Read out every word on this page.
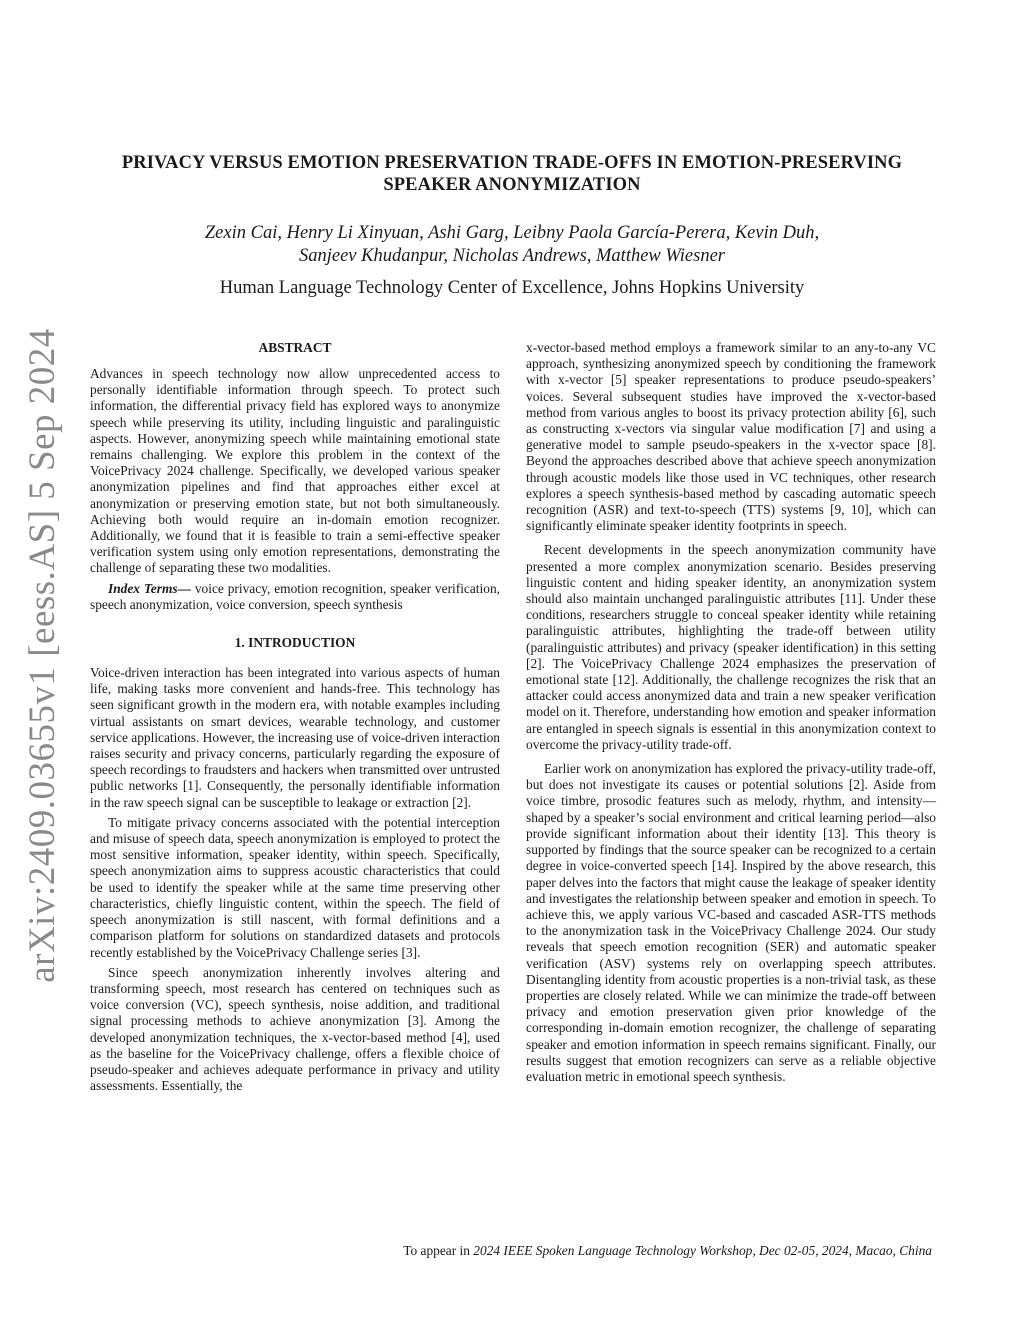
arXiv:2409.03655v1 [eess.AS] 5 Sep 2024
PRIVACY VERSUS EMOTION PRESERVATION TRADE-OFFS IN EMOTION-PRESERVING
SPEAKER ANONYMIZATION
Zexin Cai, Henry Li Xinyuan, Ashi Garg, Leibny Paola García-Perera, Kevin Duh,
Sanjeev Khudanpur, Nicholas Andrews, Matthew Wiesner
Human Language Technology Center of Excellence, Johns Hopkins University
ABSTRACT

Advances in speech technology now allow unprecedented access to personally identifiable information through speech. To protect such information, the differential privacy field has explored ways to anonymize speech while preserving its utility, including linguistic and paralinguistic aspects. However, anonymizing speech while maintaining emotional state remains challenging. We explore this problem in the context of the VoicePrivacy 2024 challenge. Specifically, we developed various speaker anonymization pipelines and find that approaches either excel at anonymization or preserving emotion state, but not both simultaneously. Achieving both would require an in-domain emotion recognizer. Additionally, we found that it is feasible to train a semi-effective speaker verification system using only emotion representations, demonstrating the challenge of separating these two modalities.

Index Terms— voice privacy, emotion recognition, speaker verification, speech anonymization, voice conversion, speech synthesis

1. INTRODUCTION

Voice-driven interaction has been integrated into various aspects of human life, making tasks more convenient and hands-free. This technology has seen significant growth in the modern era, with notable examples including virtual assistants on smart devices, wearable technology, and customer service applications. However, the increasing use of voice-driven interaction raises security and privacy concerns, particularly regarding the exposure of speech recordings to fraudsters and hackers when transmitted over untrusted public networks [1]. Consequently, the personally identifiable information in the raw speech signal can be susceptible to leakage or extraction [2].

To mitigate privacy concerns associated with the potential interception and misuse of speech data, speech anonymization is employed to protect the most sensitive information, speaker identity, within speech. Specifically, speech anonymization aims to suppress acoustic characteristics that could be used to identify the speaker while at the same time preserving other characteristics, chiefly linguistic content, within the speech. The field of speech anonymization is still nascent, with formal definitions and a comparison platform for solutions on standardized datasets and protocols recently established by the VoicePrivacy Challenge series [3].

Since speech anonymization inherently involves altering and transforming speech, most research has centered on techniques such as voice conversion (VC), speech synthesis, noise addition, and traditional signal processing methods to achieve anonymization [3]. Among the developed anonymization techniques, the x-vector-based method [4], used as the baseline for the VoicePrivacy challenge, offers a flexible choice of pseudo-speaker and achieves adequate performance in privacy and utility assessments. Essentially, the

x-vector-based method employs a framework similar to an any-to-any VC approach, synthesizing anonymized speech by conditioning the framework with x-vector [5] speaker representations to produce pseudo-speakers’ voices. Several subsequent studies have improved the x-vector-based method from various angles to boost its privacy protection ability [6], such as constructing x-vectors via singular value modification [7] and using a generative model to sample pseudo-speakers in the x-vector space [8]. Beyond the approaches described above that achieve speech anonymization through acoustic models like those used in VC techniques, other research explores a speech synthesis-based method by cascading automatic speech recognition (ASR) and text-to-speech (TTS) systems [9, 10], which can significantly eliminate speaker identity footprints in speech.

Recent developments in the speech anonymization community have presented a more complex anonymization scenario. Besides preserving linguistic content and hiding speaker identity, an anonymization system should also maintain unchanged paralinguistic attributes [11]. Under these conditions, researchers struggle to conceal speaker identity while retaining paralinguistic attributes, highlighting the trade-off between utility (paralinguistic attributes) and privacy (speaker identification) in this setting [2]. The VoicePrivacy Challenge 2024 emphasizes the preservation of emotional state [12]. Additionally, the challenge recognizes the risk that an attacker could access anonymized data and train a new speaker verification model on it. Therefore, understanding how emotion and speaker information are entangled in speech signals is essential in this anonymization context to overcome the privacy-utility trade-off.

Earlier work on anonymization has explored the privacy-utility trade-off, but does not investigate its causes or potential solutions [2]. Aside from voice timbre, prosodic features such as melody, rhythm, and intensity—shaped by a speaker’s social environment and critical learning period—also provide significant information about their identity [13]. This theory is supported by findings that the source speaker can be recognized to a certain degree in voice-converted speech [14]. Inspired by the above research, this paper delves into the factors that might cause the leakage of speaker identity and investigates the relationship between speaker and emotion in speech. To achieve this, we apply various VC-based and cascaded ASR-TTS methods to the anonymization task in the VoicePrivacy Challenge 2024. Our study reveals that speech emotion recognition (SER) and automatic speaker verification (ASV) systems rely on overlapping speech attributes. Disentangling identity from acoustic properties is a non-trivial task, as these properties are closely related. While we can minimize the trade-off between privacy and emotion preservation given prior knowledge of the corresponding in-domain emotion recognizer, the challenge of separating speaker and emotion information in speech remains significant. Finally, our results suggest that emotion recognizers can serve as a reliable objective evaluation metric in emotional speech synthesis.

To appear in 2024 IEEE Spoken Language Technology Workshop, Dec 02-05, 2024, Macao, China
